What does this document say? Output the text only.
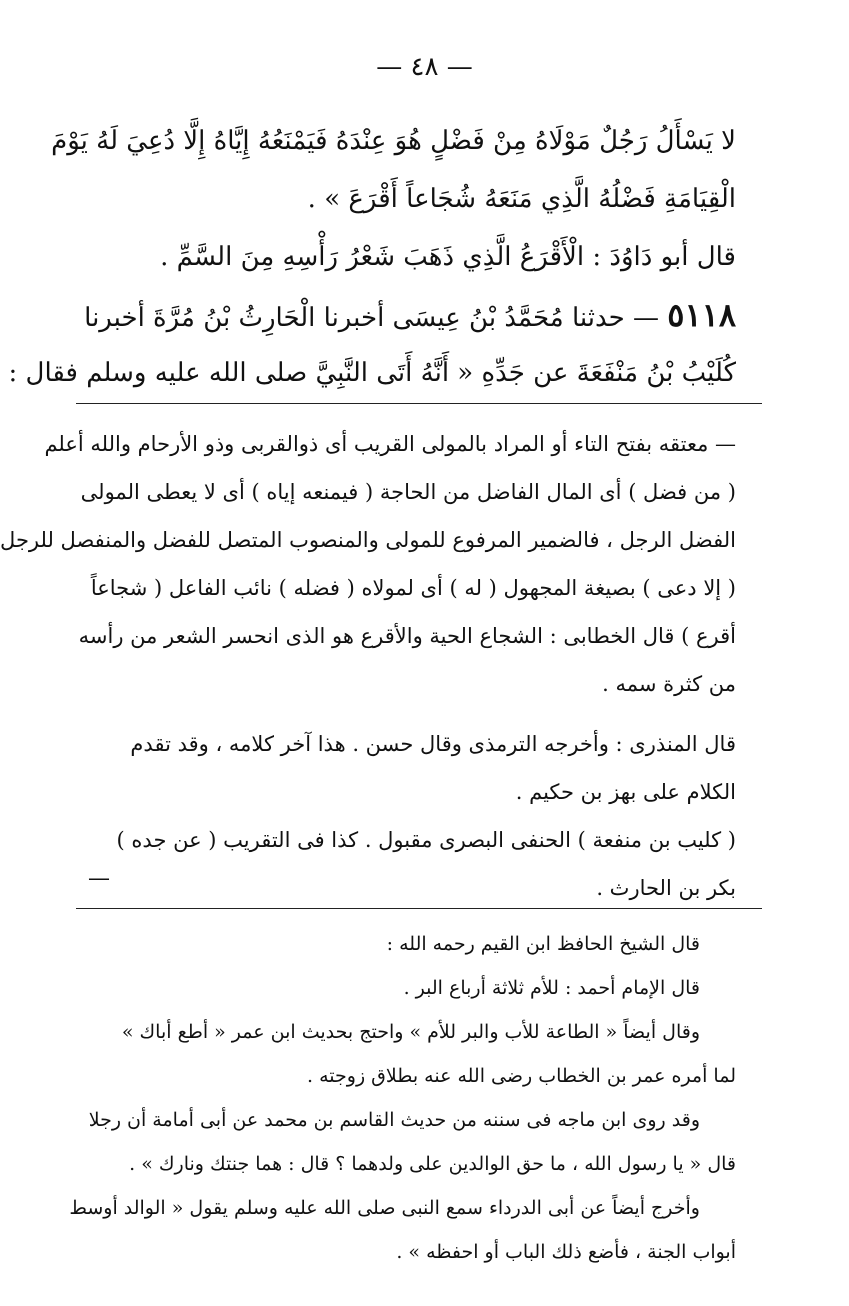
— ٤٨ —
لا يَسْأَلُ رَجُلٌ مَوْلَاهُ مِنْ فَضْلٍ هُوَ عِنْدَهُ فَيَمْنَعُهُ إِيَّاهُ إِلَّا دُعِيَ لَهُ يَوْمَ
الْقِيَامَةِ فَضْلُهُ الَّذِي مَنَعَهُ شُجَاعاً أَقْرَعَ » .
قال أبو دَاوُدَ : الْأَقْرَعُ الَّذِي ذَهَبَ شَعْرُ رَأْسِهِ مِنَ السَّمِّ .
٥١١٨ — حدثنا مُحَمَّدُ بْنُ عِيسَى أخبرنا الْحَارِثُ بْنُ مُرَّةَ أخبرنا
كُلَيْبُ بْنُ مَنْفَعَةَ عن جَدِّهِ « أَنَّهُ أَتَى النَّبِيَّ صلى الله عليه وسلم فقال :
— معتقه بفتح التاء أو المراد بالمولى القريب أى ذوالقربى وذو الأرحام والله أعلم
( من فضل ) أى المال الفاضل من الحاجة ( فيمنعه إياه ) أى لا يعطى المولى
الفضل الرجل ، فالضمير المرفوع للمولى والمنصوب المتصل للفضل والمنفصل للرجل
( إلا دعى ) بصيغة المجهول ( له ) أى لمولاه ( فضله ) نائب الفاعل ( شجاعاً
أقرع ) قال الخطابى : الشجاع الحية والأقرع هو الذى انحسر الشعر من رأسه
من كثرة سمه .
قال المنذرى : وأخرجه الترمذى وقال حسن . هذا آخر كلامه ، وقد تقدم
الكلام على بهز بن حكيم .
( كليب بن منفعة ) الحنفى البصرى مقبول . كذا فى التقريب ( عن جده )
بكر بن الحارث .
—
قال الشيخ الحافظ ابن القيم رحمه الله :
قال الإمام أحمد : للأم ثلاثة أرباع البر .
وقال أيضاً « الطاعة للأب والبر للأم » واحتج بحديث ابن عمر « أطع أباك »
لما أمره عمر بن الخطاب رضى الله عنه بطلاق زوجته .
وقد روى ابن ماجه فى سننه من حديث القاسم بن محمد عن أبى أمامة أن رجلا
قال « يا رسول الله ، ما حق الوالدين على ولدهما ؟ قال : هما جنتك ونارك » .
وأخرج أيضاً عن أبى الدرداء سمع النبى صلى الله عليه وسلم يقول « الوالد أوسط
أبواب الجنة ، فأضع ذلك الباب أو احفظه » .
